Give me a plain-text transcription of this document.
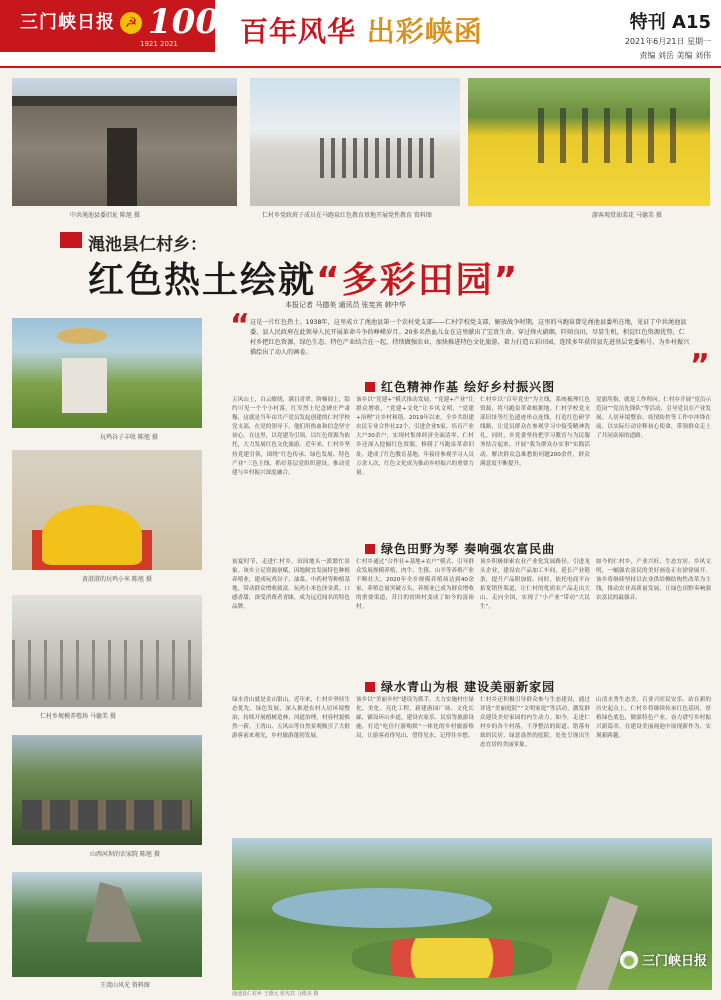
三门峡日报 ☭ 100
1921 2021 百年风华 出彩峡函	特刊 A15
2021年6月21日 星期一
责编 刘岳 美编 刘伟
中共渑池县委旧址 陈旭 摄	仁村乡党政班子成员在马跑泉红色教育基地开展党性教育 资料图	游客观赏油菜花 马德美 摄
渑池县仁村乡：
红色热土绘就“多彩田园”
本报记者 马德美 通讯员 张宪宾 韩中华
“ 这是一片红色热土。1938年，这里成立了渑池县第一个农村党支部——仁村学校党支部，解放战争时期，这里的马跑泉曾是渑池县委所在地，见证了中共渑池县委、县人民政府在此领导人民开展革命斗争的峥嵘岁月。20多名热血儿女在这里献出了宝贵生命。穿过烽火硝烟，阡陌良田，尽显生机，积淀红色资源优势，仁村乡把红色资源、绿色生态、特色产业结合在一起，持续做强农业，加快推进特色文化旅游，着力打造五彩田园，连续多年获得县先进基层党委称号，为乡村振兴描绘出了动人的画卷。	”
玩鸡谷子丰收 陈旭 摄
黄澄澄的玩鸡小米 陈旭 摄
仁村乡规模养殖场 马德美 摄
山西河坝的农家院 陈旭 摄
王湾山风光 资料图
红色精神作基 绘好乡村振兴图
五风山上，白云缭绕，满目青翠。阶梯间上，隐约可见一个个小村落，红军烈士纪念碑庄严肃穆，这就是当年由共产党员发起创建的仁村学校党支部，在党的领导下，他们用热血和信念坚守初心。在这里，以党建为引领，以红色资源为依托，大力发展红色文化旅游。近年来，仁村乡坚持党建引领，围绕“红色传承、绿色发展、特色产业”三色主线，抓好基层党组织建设，推动党建与乡村振兴深度融合。
该乡以“党建+”模式推动发展，“党建+产业”让群众增收，“党建+文化”让乡风文明，“党建+治理”让乡村和谐。2019年以来，全乡共组建农民专业合作社22个，引进企业5家，培育产业大户30余户，实现村集体经济全面清零。仁村乡还深入挖掘红色资源，修缮了马跑泉革命旧址，建成了红色教育基地，年接待参观学习人员万余人次，红色文化成为推动乡村振兴的重要力量。
仁村乡以“百年党史”为主线，系统梳理红色资源，将马跑泉革命根据地、仁村学校党支部旧址等红色遗迹串点连线，打造红色研学线路，让党员群众在参观学习中接受精神洗礼。同时，乡党委坚持把学习教育与为民服务结合起来，开展“我为群众办实事”实践活动，解决群众急难愁盼问题200余件，群众满意度不断提升。
党旗所指，就是工作所向。仁村乡开展“党员示范岗”“党员先锋队”等活动，引导党员在产业发展、人居环境整治、疫情防控等工作中冲锋在前，以实际行动诠释初心使命，带领群众走上了共同富裕的道路。
绿色田野为琴 奏响强农富民曲
初夏时节，走进仁村乡，田间地头一派繁忙景象。该乡立足资源禀赋，因地制宜发展特色种植养殖业，建成玩鸡谷子、油菜、中药材等种植基地，带动群众增收致富。玩鸡小米色泽金黄、口感香甜，深受消费者青睐，成为远近闻名的特色品牌。
仁村乡通过“合作社+基地+农户”模式，引导群众发展规模养殖，肉牛、生猪、山羊等养殖产业不断壮大。2020年全乡规模养殖场达到40余家，养殖总量突破万头，养殖业已成为群众增收的重要渠道，昔日的贫困村变成了如今的富裕村。
该乡积极探索农业产业化发展路径，引进龙头企业，建设农产品加工车间，延长产业链条，提升产品附加值。同时，依托电商平台拓宽销售渠道，让仁村的优质农产品走出大山、走向全国，实现了“小产业”带动“大民生”。
如今的仁村乡，产业兴旺、生态宜居、乡风文明，一幅强农富民的美好画卷正在徐徐展开。该乡将继续坚持以农业供给侧结构性改革为主线，推动农业高质量发展，让绿色田野奏响强农富民的最强音。
绿水青山为根 建设美丽新家园
绿水青山就是金山银山。近年来，仁村乡坚持生态优先、绿色发展，深入推进农村人居环境整治，持续开展植树造林、河道治理，村容村貌焕然一新。王湾山、五风山等自然景观吸引了大批游客前来观光，乡村旅游蓬勃发展。
该乡以“美丽乡村”建设为抓手，大力实施村庄绿化、美化、亮化工程，新建游园广场、文化长廊，铺设环山步道，建设农家乐、民宿等旅游设施，打造“吃住行游购娱”一体化的乡村旅游格局，让游客看得见山、望得见水、记得住乡愁。
仁村乡还积极引导群众参与生态建设，通过评选“美丽庭院”“文明家庭”等活动，激发群众建设美好家园的内生动力。如今，走进仁村乡的各个村落，干净整洁的街道、错落有致的民居、绿意盎然的庭院，处处呈现出生态宜居的美丽景象。
山清水秀生态美，百业兴旺民安乐。站在新的历史起点上，仁村乡将继续传承红色基因，厚植绿色底色，做强特色产业，奋力谱写乡村振兴新篇章，在建设美丽渑池中展现新作为、实现新跨越。
● 三门峡日报
渑池县仁村乡 王德元 张宪宾 马德美 摄
